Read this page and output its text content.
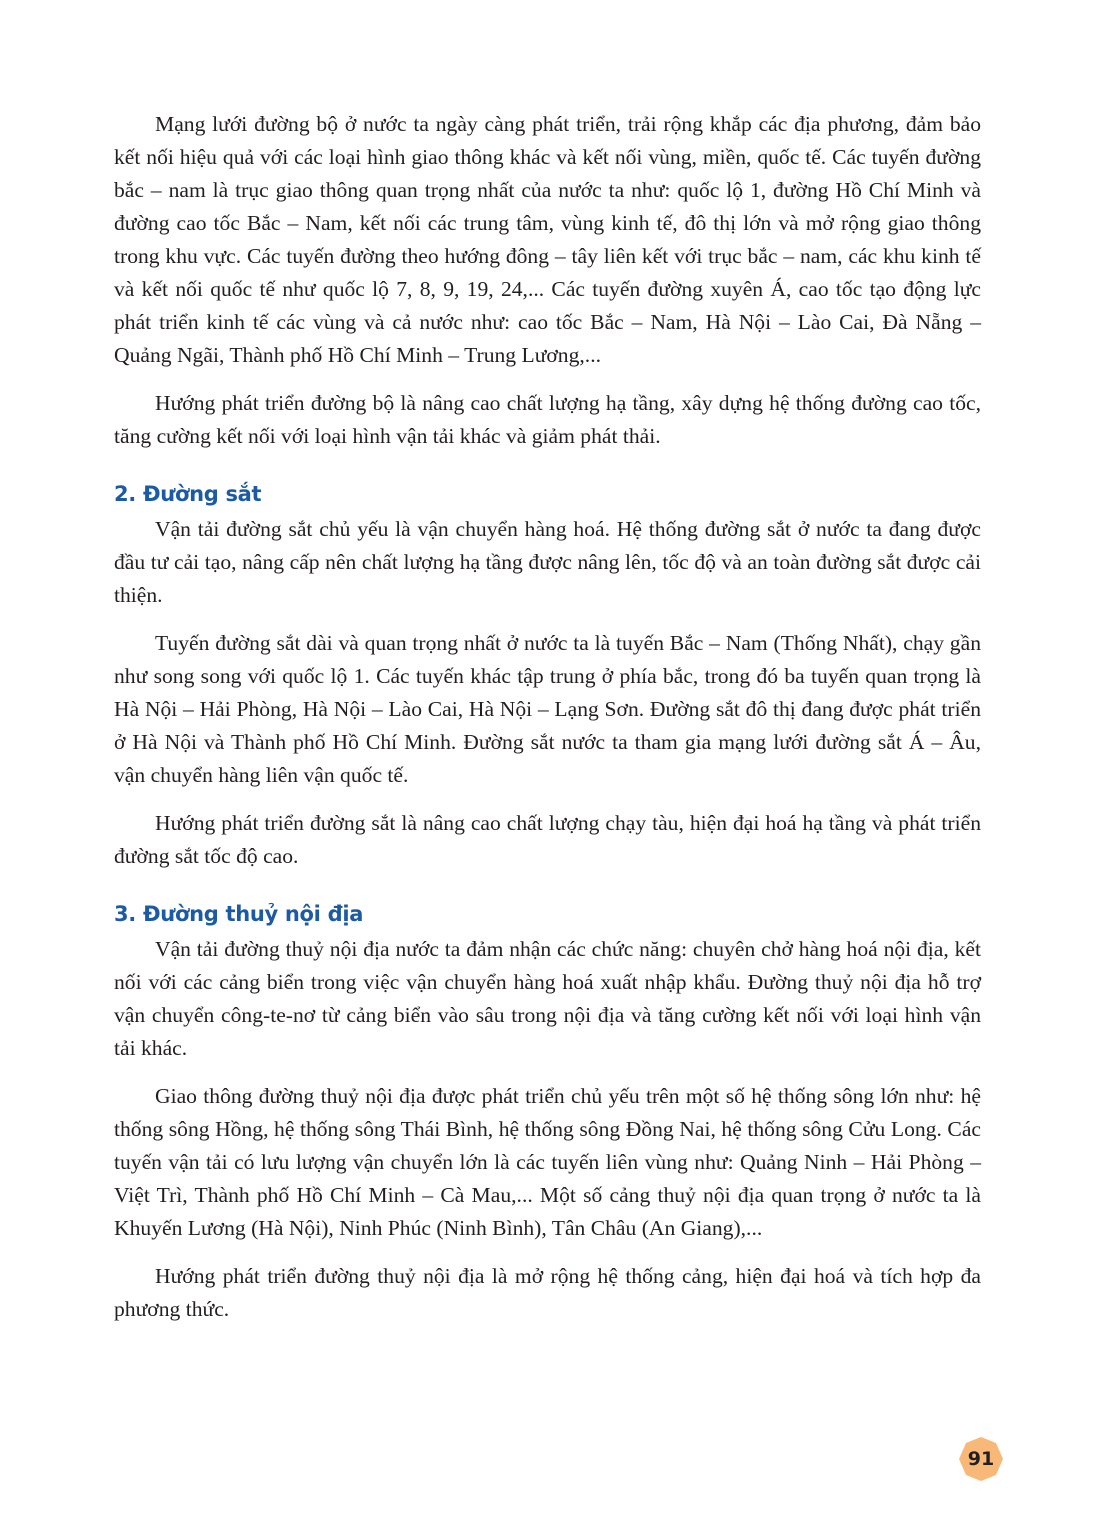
Mạng lưới đường bộ ở nước ta ngày càng phát triển, trải rộng khắp các địa phương, đảm bảo kết nối hiệu quả với các loại hình giao thông khác và kết nối vùng, miền, quốc tế. Các tuyến đường bắc – nam là trục giao thông quan trọng nhất của nước ta như: quốc lộ 1, đường Hồ Chí Minh và đường cao tốc Bắc – Nam, kết nối các trung tâm, vùng kinh tế, đô thị lớn và mở rộng giao thông trong khu vực. Các tuyến đường theo hướng đông – tây liên kết với trục bắc – nam, các khu kinh tế và kết nối quốc tế như quốc lộ 7, 8, 9, 19, 24,... Các tuyến đường xuyên Á, cao tốc tạo động lực phát triển kinh tế các vùng và cả nước như: cao tốc Bắc – Nam, Hà Nội – Lào Cai, Đà Nẵng – Quảng Ngãi, Thành phố Hồ Chí Minh – Trung Lương,...

Hướng phát triển đường bộ là nâng cao chất lượng hạ tầng, xây dựng hệ thống đường cao tốc, tăng cường kết nối với loại hình vận tải khác và giảm phát thải.

2. Đường sắt

Vận tải đường sắt chủ yếu là vận chuyển hàng hoá. Hệ thống đường sắt ở nước ta đang được đầu tư cải tạo, nâng cấp nên chất lượng hạ tầng được nâng lên, tốc độ và an toàn đường sắt được cải thiện.

Tuyến đường sắt dài và quan trọng nhất ở nước ta là tuyến Bắc – Nam (Thống Nhất), chạy gần như song song với quốc lộ 1. Các tuyến khác tập trung ở phía bắc, trong đó ba tuyến quan trọng là Hà Nội – Hải Phòng, Hà Nội – Lào Cai, Hà Nội – Lạng Sơn. Đường sắt đô thị đang được phát triển ở Hà Nội và Thành phố Hồ Chí Minh. Đường sắt nước ta tham gia mạng lưới đường sắt Á – Âu, vận chuyển hàng liên vận quốc tế.

Hướng phát triển đường sắt là nâng cao chất lượng chạy tàu, hiện đại hoá hạ tầng và phát triển đường sắt tốc độ cao.

3. Đường thuỷ nội địa

Vận tải đường thuỷ nội địa nước ta đảm nhận các chức năng: chuyên chở hàng hoá nội địa, kết nối với các cảng biển trong việc vận chuyển hàng hoá xuất nhập khẩu. Đường thuỷ nội địa hỗ trợ vận chuyển công-te-nơ từ cảng biển vào sâu trong nội địa và tăng cường kết nối với loại hình vận tải khác.

Giao thông đường thuỷ nội địa được phát triển chủ yếu trên một số hệ thống sông lớn như: hệ thống sông Hồng, hệ thống sông Thái Bình, hệ thống sông Đồng Nai, hệ thống sông Cửu Long. Các tuyến vận tải có lưu lượng vận chuyển lớn là các tuyến liên vùng như: Quảng Ninh – Hải Phòng – Việt Trì, Thành phố Hồ Chí Minh – Cà Mau,... Một số cảng thuỷ nội địa quan trọng ở nước ta là Khuyến Lương (Hà Nội), Ninh Phúc (Ninh Bình), Tân Châu (An Giang),...

Hướng phát triển đường thuỷ nội địa là mở rộng hệ thống cảng, hiện đại hoá và tích hợp đa phương thức.

91
